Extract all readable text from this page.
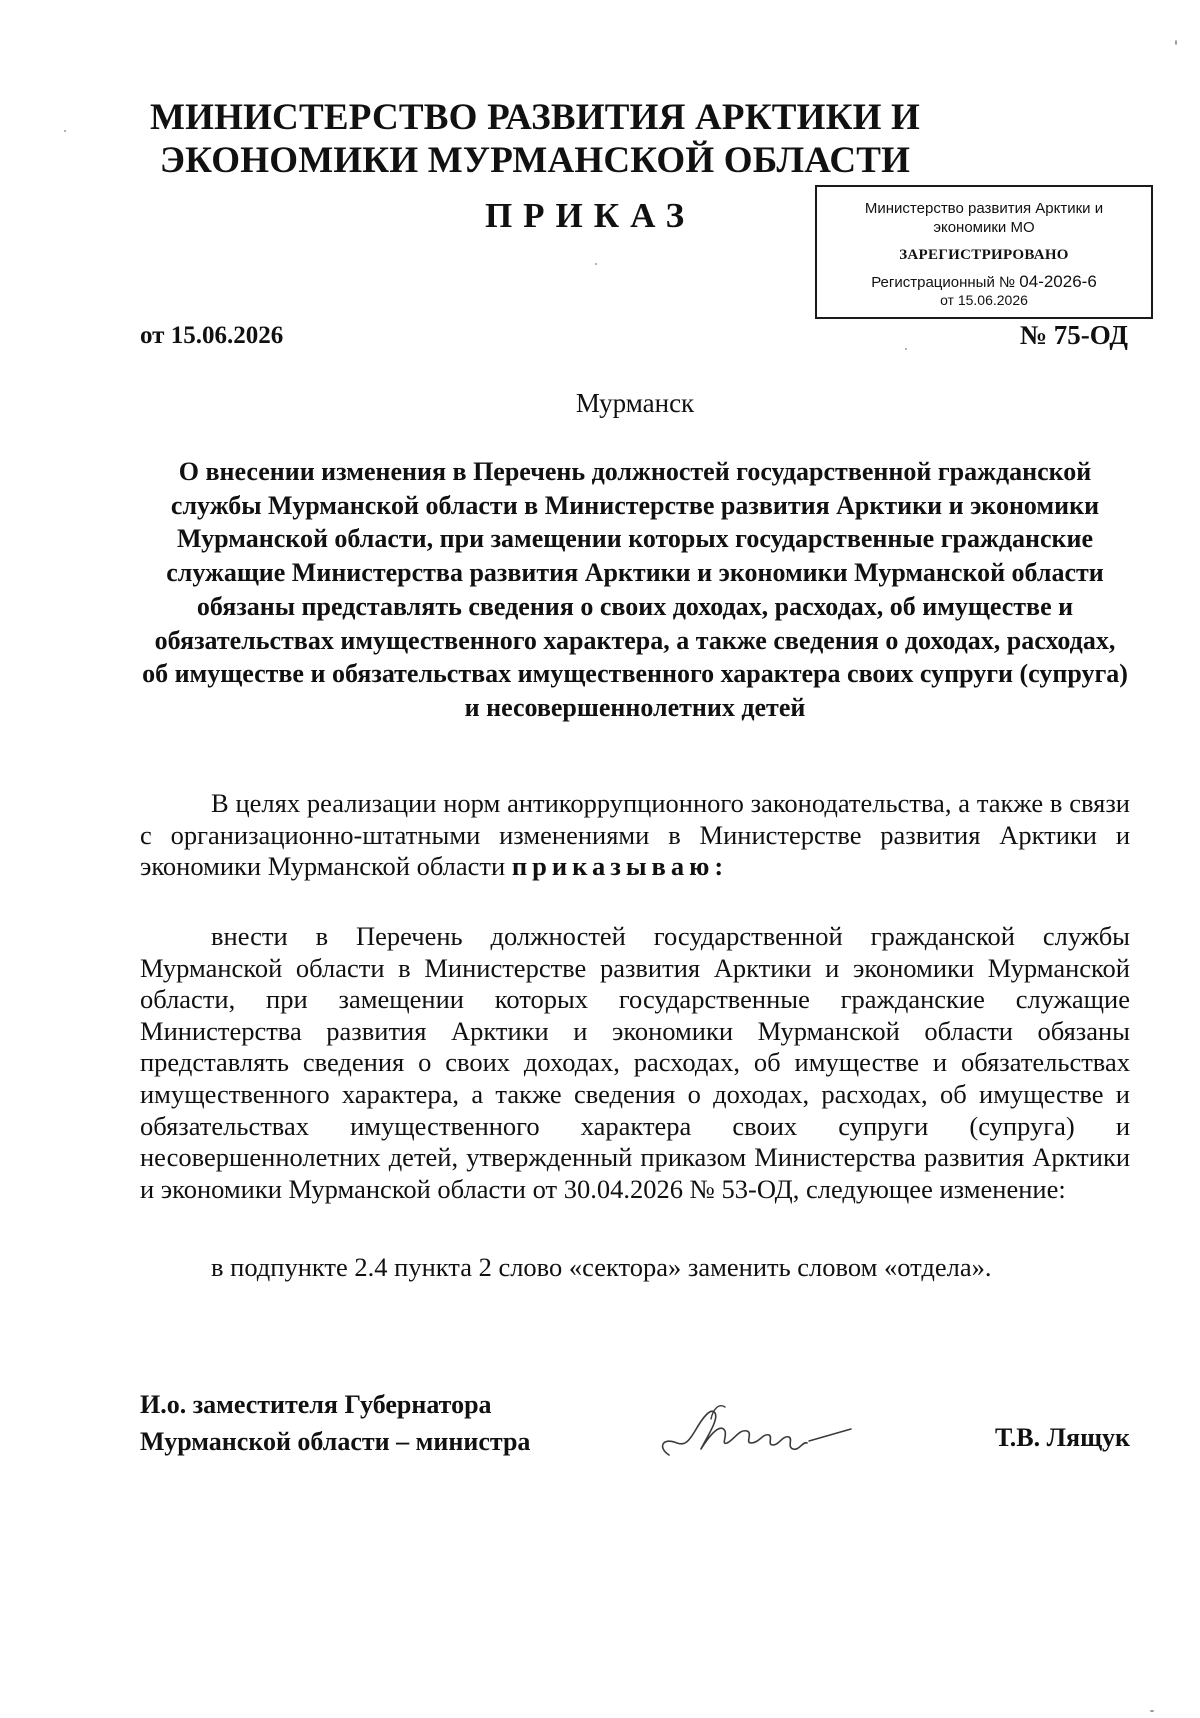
МИНИСТЕРСТВО РАЗВИТИЯ АРКТИКИ И
ЭКОНОМИКИ МУРМАНСКОЙ ОБЛАСТИ
ПРИКАЗ	Министерство развития Арктики и
экономики МО
ЗАРЕГИСТРИРОВАНО
Регистрационный № 04-2026-6
от 15.06.2026
от 15.06.2026	№ 75-ОД
Мурманск
О внесении изменения в Перечень должностей государственной гражданской службы Мурманской области в Министерстве развития Арктики и экономики Мурманской области, при замещении которых государственные гражданские служащие Министерства развития Арктики и экономики Мурманской области обязаны представлять сведения о своих доходах, расходах, об имуществе и обязательствах имущественного характера, а также сведения о доходах, расходах, об имуществе и обязательствах имущественного характера своих супруги (супруга) и несовершеннолетних детей
В целях реализации норм антикоррупционного законодательства, а также в связи с организационно-штатными изменениями в Министерстве развития Арктики и экономики Мурманской области приказываю:
внести в Перечень должностей государственной гражданской службы Мурманской области в Министерстве развития Арктики и экономики Мурманской области, при замещении которых государственные гражданские служащие Министерства развития Арктики и экономики Мурманской области обязаны представлять сведения о своих доходах, расходах, об имуществе и обязательствах имущественного характера, а также сведения о доходах, расходах, об имуществе и обязательствах имущественного характера своих супруги (супруга) и несовершеннолетних детей, утвержденный приказом Министерства развития Арктики и экономики Мурманской области от 30.04.2026 № 53-ОД, следующее изменение:
в подпункте 2.4 пункта 2 слово «сектора» заменить словом «отдела».
И.о. заместителя Губернатора
Мурманской области – министра	Т.В. Лящук
